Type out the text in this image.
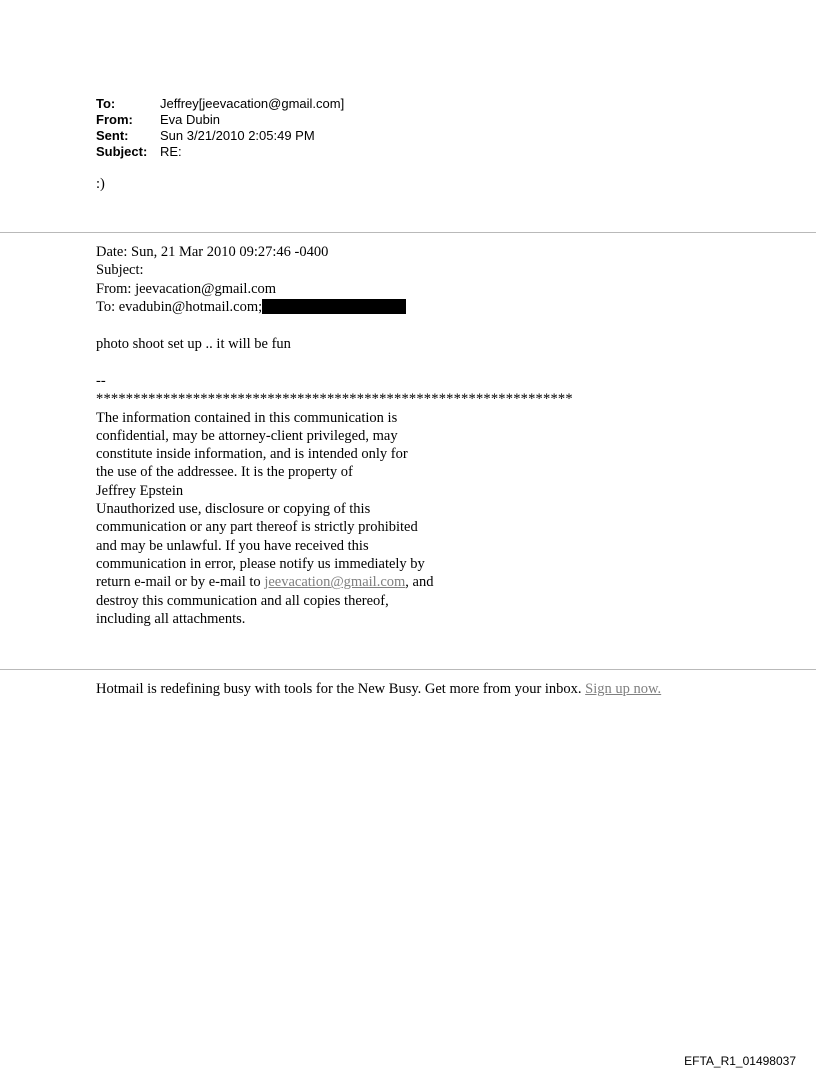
To:	Jeffrey[jeevacation@gmail.com]
From:	Eva Dubin
Sent:	Sun 3/21/2010 2:05:49 PM
Subject: RE:
:)
Date: Sun, 21 Mar 2010 09:27:46 -0400
Subject:
From: jeevacation@gmail.com
To: evadubin@hotmail.com;
photo shoot set up .. it will be fun
--
****************************************************************
The information contained in this communication is
confidential, may be attorney-client privileged, may
constitute inside information, and is intended only for
the use of the addressee. It is the property of
Jeffrey Epstein
Unauthorized use, disclosure or copying of this
communication or any part thereof is strictly prohibited
and may be unlawful. If you have received this
communication in error, please notify us immediately by
return e-mail or by e-mail to jeevacation@gmail.com, and
destroy this communication and all copies thereof,
including all attachments.
Hotmail is redefining busy with tools for the New Busy. Get more from your inbox. Sign up now.
EFTA_R1_01498037
